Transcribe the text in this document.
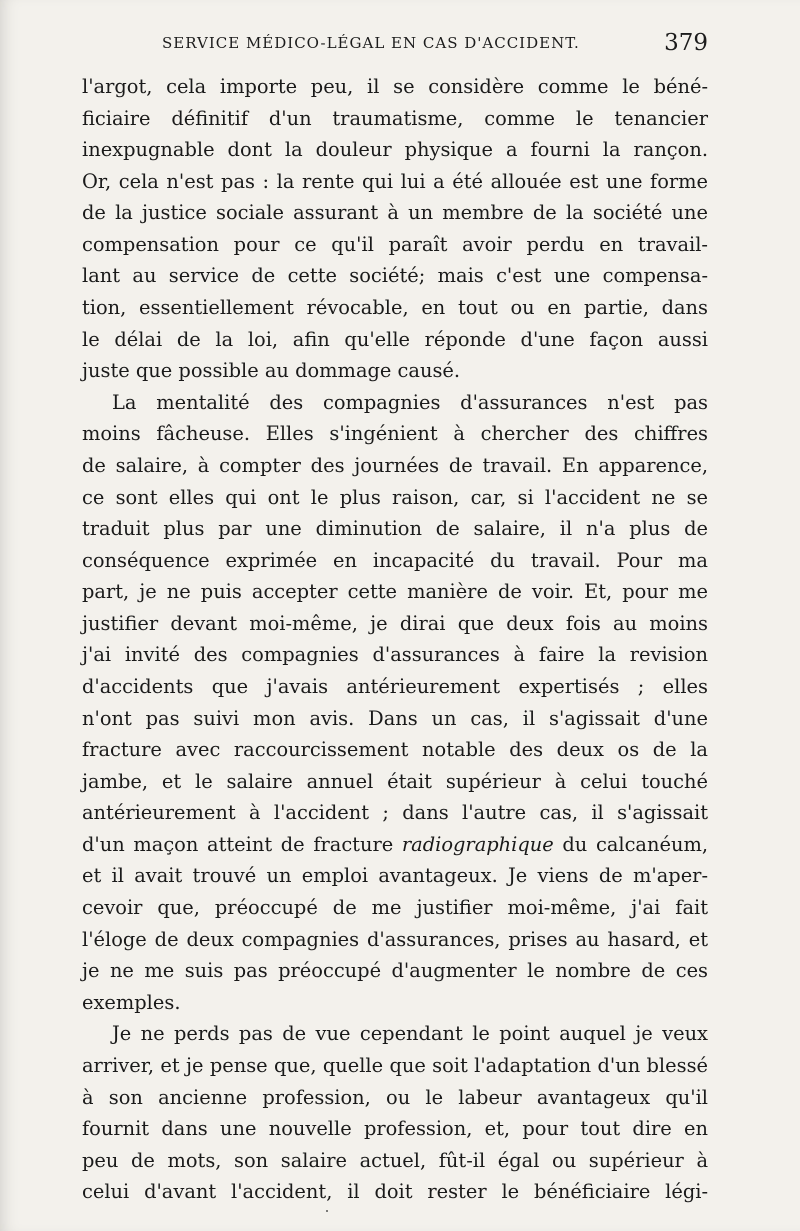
SERVICE MÉDICO-LÉGAL EN CAS D'ACCIDENT.	379
l'argot, cela importe peu, il se considère comme le béné-
ficiaire définitif d'un traumatisme, comme le tenancier
inexpugnable dont la douleur physique a fourni la rançon.
Or, cela n'est pas : la rente qui lui a été allouée est une forme
de la justice sociale assurant à un membre de la société une
compensation pour ce qu'il paraît avoir perdu en travail-
lant au service de cette société; mais c'est une compensa-
tion, essentiellement révocable, en tout ou en partie, dans
le délai de la loi, afin qu'elle réponde d'une façon aussi
juste que possible au dommage causé.
La mentalité des compagnies d'assurances n'est pas
moins fâcheuse. Elles s'ingénient à chercher des chiffres
de salaire, à compter des journées de travail. En apparence,
ce sont elles qui ont le plus raison, car, si l'accident ne se
traduit plus par une diminution de salaire, il n'a plus de
conséquence exprimée en incapacité du travail. Pour ma
part, je ne puis accepter cette manière de voir. Et, pour me
justifier devant moi-même, je dirai que deux fois au moins
j'ai invité des compagnies d'assurances à faire la revision
d'accidents que j'avais antérieurement expertisés ; elles
n'ont pas suivi mon avis. Dans un cas, il s'agissait d'une
fracture avec raccourcissement notable des deux os de la
jambe, et le salaire annuel était supérieur à celui touché
antérieurement à l'accident ; dans l'autre cas, il s'agissait
d'un maçon atteint de fracture radiographique du calcanéum,
et il avait trouvé un emploi avantageux. Je viens de m'aper-
cevoir que, préoccupé de me justifier moi-même, j'ai fait
l'éloge de deux compagnies d'assurances, prises au hasard, et
je ne me suis pas préoccupé d'augmenter le nombre de ces
exemples.
Je ne perds pas de vue cependant le point auquel je veux
arriver, et je pense que, quelle que soit l'adaptation d'un blessé
à son ancienne profession, ou le labeur avantageux qu'il
fournit dans une nouvelle profession, et, pour tout dire en
peu de mots, son salaire actuel, fût-il égal ou supérieur à
celui d'avant l'accident, il doit rester le bénéficiaire légi-
